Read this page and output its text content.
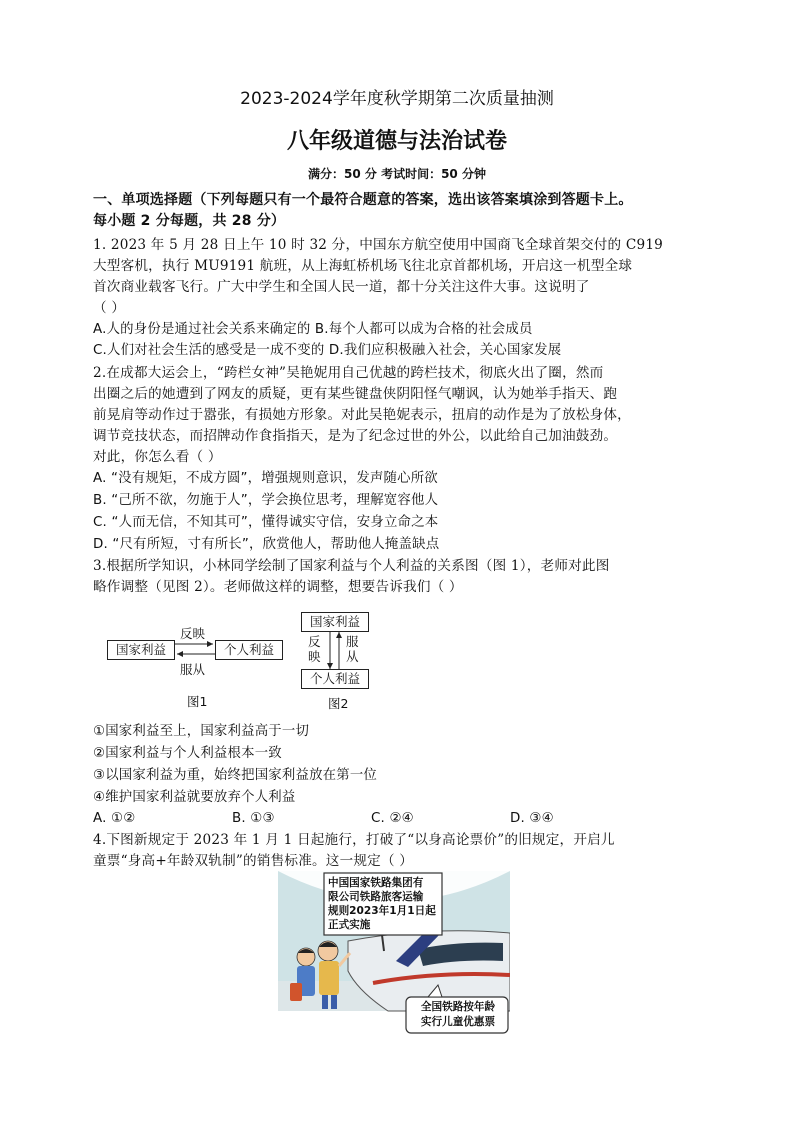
2023-2024学年度秋学期第二次质量抽测
八年级道德与法治试卷
满分：50 分 考试时间：50 分钟
一、单项选择题（下列每题只有一个最符合题意的答案，选出该答案填涂到答题卡上。
每小题 2 分每题，共 28 分）
1. 2023 年 5 月 28 日上午 10 时 32 分，中国东方航空使用中国商飞全球首架交付的 C919
大型客机，执行 MU9191 航班，从上海虹桥机场飞往北京首都机场，开启这一机型全球
首次商业载客飞行。广大中学生和全国人民一道，都十分关注这件大事。这说明了
（ ）
A.人的身份是通过社会关系来确定的 B.每个人都可以成为合格的社会成员
C.人们对社会生活的感受是一成不变的 D.我们应积极融入社会，关心国家发展
2.在成都大运会上，“跨栏女神”吴艳妮用自己优越的跨栏技术，彻底火出了圈，然而
出圈之后的她遭到了网友的质疑，更有某些键盘侠阴阳怪气嘲讽，认为她举手指天、跑
前晃肩等动作过于嚣张，有损她方形象。对此吴艳妮表示，扭肩的动作是为了放松身体，
调节竞技状态，而招牌动作食指指天，是为了纪念过世的外公，以此给自己加油鼓劲。
对此，你怎么看（ ）
A. “没有规矩，不成方圆”，增强规则意识，发声随心所欲
B. “己所不欲，勿施于人”，学会换位思考，理解宽容他人
C. “人而无信，不知其可”，懂得诚实守信，安身立命之本
D. “尺有所短，寸有所长”，欣赏他人，帮助他人掩盖缺点
3.根据所学知识，小林同学绘制了国家利益与个人利益的关系图（图 1），老师对此图
略作调整（见图 2）。老师做这样的调整，想要告诉我们（ ）
国家利益	个人利益
反映
服从
图1
国家利益
个人利益
反映
服从
图2
①国家利益至上，国家利益高于一切
②国家利益与个人利益根本一致
③以国家利益为重，始终把国家利益放在第一位
④维护国家利益就要放弃个人利益
A. ①②	B. ①③	C. ②④	D. ③④
4.下图新规定于 2023 年 1 月 1 日起施行，打破了“以身高论票价”的旧规定，开启儿
童票“身高+年龄双轨制”的销售标准。这一规定（ ）
中国国家铁路集团有
限公司铁路旅客运输
规则2023年1月1日起
正式实施
全国铁路按年龄
实行儿童优惠票
